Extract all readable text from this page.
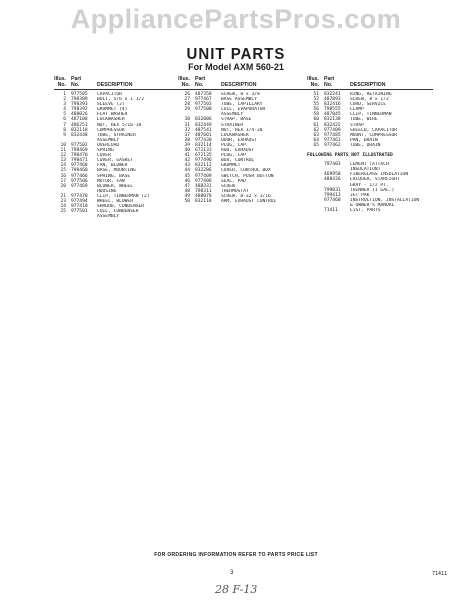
AppliancePartsPros.com
UNIT PARTS
For Model AXM 560-21
Illus. Part
No. No.	DESCRIPTION
1	977505	CAPACITOR
2	798389	BOLT, 5/6 x 1 1/2
3	798393	SLEEVE (2)
4	798392	GROMMET (4)
5	488026	FLAT WASHER
6	487108	LOCKWASHER
7	486251	NUT, HEX 5/16-18
8	832118	COMPRESSOR
9	832448	TUBE, STRAINER
ASSEMBLY
10	977502	OVERLOAD
11	798469	SPRING
12	798470	COVER
13	798471	COVER, GASKET
14	977468	FAN, BLOWER
15	798460	BASE, MOUNTING
16	977466	SPRING, BASE
17	977506	MOTOR, FAN
20	977469	BLOWER, WHEEL
HOUSING
21	977470	CLIP, TINNERMAN (2)
23	977494	WHEEL, BLOWER
24	977410	SHROUD, CONDENSER
25	977501	COIL, CONDENSER
ASSEMBLY
Illus. Part
No. No.	DESCRIPTION
26	487358	SCREW, 8 x 3/8
27	977467	BASE ASSEMBLY
28	977503	TUBE, CAPILLARY
29	977500	COIL, EVAPORATOR
ASSEMBLY
30	832006	STRAP, BASE
31	832449	STRAINER
32	487541	NUT, HEX 1/4-20
37	487601	LOCKWASHER
38	977430	DOOR, EXHAUST
39	832114	PLUG, CAP
40	672133	ROD, EXHAUST
41	672135	PLUG, CAP
42	977496	BOX, CONTROL
43	832112	GROMMET
44	832286	COVER, CONTROL BOX
45	977409	SWITCH, PUSH BUTTON
46	977406	SEAL, PAD
47	488331	SCREW
48	798311	THERMOSTAT
49	488078	SCREW, 8-32 x 3/16
50	832118	ARM, EXHAUST CONTROL
Illus. Part
No. No.	DESCRIPTION
51	832241	RING, RETAINING
52	487893	SCREW, 8 x 1/2
55	832416	CORD, SERVICE
56	798555	CLAMP
58	487045	CLIP, TINNERMAN
60	832138	TUBE, WIRE
61	832422	STRAP
62	977409	SHIELD, CAPACITOR
63	977485	MOUNT, COMPRESSOR
64	977461	PAN, DRAIN
65	977462	TUBE, DRAIN
FOLLOWING PARTS NOT ILLUSTRATED
797403	CEMENT (ATTACH
INSULATION)
469958	FIBERGLASS INSULATION
488426	LACQUER, STARLIGHT
GRAY - 1/2 PT.
799031	THINNER (1 GAL.)
799413	JET PAK
977460	INSTRUCTION, INSTALLATION
& OWNER'S MANUAL
71411	LIST, PARTS
FOR ORDERING INFORMATION REFER TO PARTS PRICE LIST
3	71411
28 F-13
